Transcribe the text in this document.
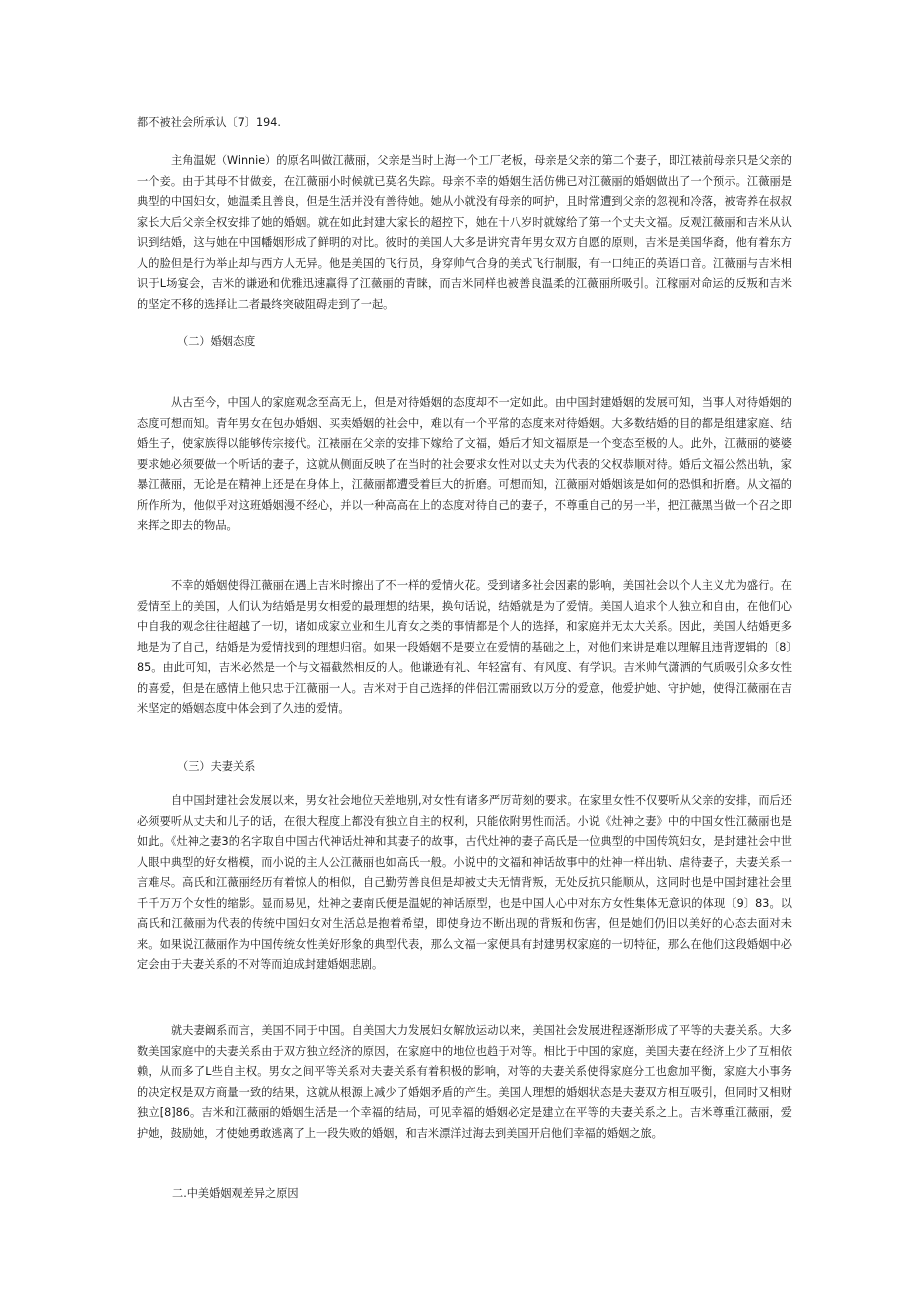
都不被社会所承认〔7〕194.

主角温妮（Winnie）的原名叫做江薇丽，父亲是当时上海一个工厂老板，母亲是父亲的第二个妻子，即江裱前母亲只是父亲的一个妾。由于其母不甘做妾，在江薇丽小时候就已莫名失踪。母亲不幸的婚姻生活仿佛已对江薇丽的婚姻做出了一个预示。江薇丽是典型的中国妇女，她温柔且善良，但是生活并没有善待她。她从小就没有母亲的呵护，且时常遭到父亲的忽视和冷落，被寄养在叔叔家长大后父亲全权安排了她的婚姻。就在如此封建大家长的超控下，她在十八岁时就嫁给了第一个丈夫文福。反观江薇丽和吉米从认识到结婚，这与她在中国幡姻形成了鲜明的对比。彼时的美国人大多是讲究青年男女双方自愿的原则，吉米是美国华裔，他有着东方人的脸但是行为举止却与西方人无异。他是美国的飞行员，身穿帅气合身的美式飞行制服，有一口纯正的英语口音。江薇丽与吉米相识于L场宴会，吉米的谦逊和优雅迅速赢得了江薇丽的青睐，而吉米同样也被善良温柔的江薇丽所吸引。江稼丽对命运的反叛和吉米的坚定不移的选择让二者最终突破阻碍走到了一起。

（二）婚姻态度

从古至今，中国人的家庭观念至高无上，但是对待婚姻的态度却不一定如此。由中国封建婚姻的发展可知，当事人对待婚姻的态度可想而知。青年男女在包办婚姻、买卖婚姻的社会中，难以有一个平常的态度来对待婚姻。大多数结婚的目的都是组建家庭、结婚生子，使家族得以能够传宗接代。江裱丽在父亲的安排下嫁给了文福，婚后才知文福原是一个变态至极的人。此外，江薇丽的婆婆要求她必须要做一个听话的妻子，这就从侧面反映了在当时的社会要求女性对以丈夫为代表的父权恭顺对待。婚后文福公然出轨，家暴江薇丽，无论是在精神上还是在身体上，江薇丽都遭受着巨大的折磨。可想而知，江薇丽对婚姻该是如何的恐惧和折磨。从文福的所作所为，他似乎对这班婚姻漫不经心，并以一种高高在上的态度对待自己的妻子，不尊重自己的另一半，把江薇黑当做一个召之即来挥之即去的物品。

不幸的婚姻使得江薇丽在遇上吉米时擦出了不一样的爱情火花。受到诸多社会因素的影响，美国社会以个人主义尤为盛行。在爱情至上的美国，人们认为结婚是男女相爱的最理想的结果，换句话说，结婚就是为了爱情。美国人追求个人独立和自由，在他们心中自我的观念往往超越了一切，诸如成家立业和生儿育女之类的事情都是个人的选择，和家庭并无太大关系。因此，美国人结婚更多地是为了自己，结婚是为爱情找到的理想归宿。如果一段婚姻不是要立在爱情的基础之上，对他们来讲是难以理解且违背逻辑的〔8〕85。由此可知，吉米必然是一个与文福截然相反的人。他谦逊有礼、年轻富有、有风度、有学识。吉米帅气潇洒的气质吸引众多女性的喜爱，但是在感情上他只忠于江薇丽一人。吉米对于自己选择的伴侣江需丽致以万分的爱意，他爱护她、守护她，使得江薇丽在吉米坚定的婚姻态度中体会到了久违的爱情。

（三）夫妻关系

自中国封建社会发展以来，男女社会地位天差地别,对女性有诸多严厉苛刻的要求。在家里女性不仅要听从父亲的安排，而后还必须要听从丈夫和儿子的话，在很大程度上都没有独立自主的权利，只能依附男性而活。小说《灶神之妻》中的中国女性江薇丽也是如此。《灶神之妻3的名字取自中国古代神话灶神和其妻子的故事，古代灶神的妻子高氏是一位典型的中国传筑妇女，是封建社会中世人眼中典型的好女楷模，而小说的主人公江薇丽也如高氏一般。小说中的文福和神话故事中的灶神一样出轨、虐待妻子，夫妻关系一言难尽。高氏和江薇丽经历有着惊人的相似，自己勤劳善良但是却被丈夫无情背叛，无处反抗只能顺从，这同时也是中国封建社会里千千万万个女性的缩影。显而易见，灶神之妻南氏便是温妮的神话原型，也是中国人心中对东方女性集体无意识的体现〔9〕83。以高氏和江薇丽为代表的传统中国妇女对生活总是抱着希望，即使身边不断出现的背叛和伤害，但是她们仍旧以美好的心态去面对未来。如果说江薇丽作为中国传统女性美好形象的典型代表，那么文福一家便具有封建男权家庭的一切特征，那么在他们这段婚姻中必定会由于夫妻关系的不对等而迫成封建婚姻悲剧。

就夫妻阚系而言，美国不同于中国。自美国大力发展妇女解放运动以来，美国社会发展进程逐渐形成了平等的夫妻关系。大多数美国家庭中的夫妻关系由于双方独立经济的原因，在家庭中的地位也趋于对等。相比于中国的家庭，美国夫妻在经济上少了互相依赖，从而多了L些自主权。男女之间平等关系对夫妻关系有着积极的影响，对等的夫妻关系使得家庭分工也愈加平衡，家庭大小事务的决定权是双方商量一致的结果，这就从根源上减少了婚姻矛盾的产生。美国人理想的婚姻状态是夫妻双方相互吸引，但同时又相财独立[8]86。吉米和江薇丽的婚姻生活是一个幸福的结局，可见幸福的婚姻必定是建立在平等的夫妻关系之上。吉米尊重江薇丽，爱护她，鼓励她，才使她勇敢逃离了上一段失败的婚姻，和吉米漂洋过海去到美国开启他们幸福的婚姻之旅。

二.中美婚姻观差异之原因
